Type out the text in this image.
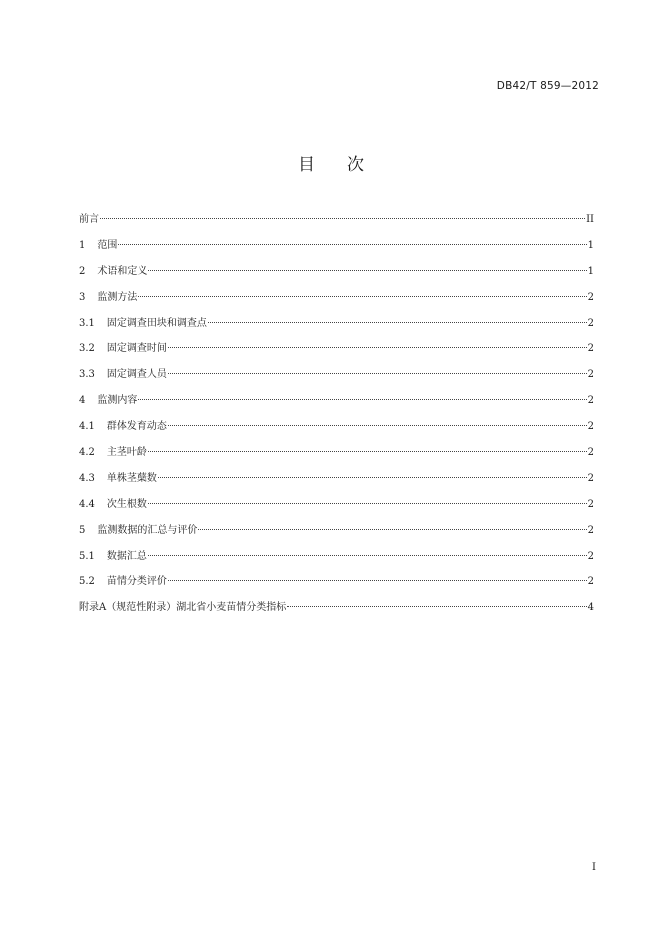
DB42/T 859—2012
目 次
前言	II
1 范围	1
2 术语和定义	1
3 监测方法	2
3.1 固定调查田块和调查点	2
3.2 固定调查时间	2
3.3 固定调查人员	2
4 监测内容	2
4.1 群体发育动态	2
4.2 主茎叶龄	2
4.3 单株茎蘖数	2
4.4 次生根数	2
5 监测数据的汇总与评价	2
5.1 数据汇总	2
5.2 苗情分类评价	2
附录A（规范性附录）湖北省小麦苗情分类指标	4
I
